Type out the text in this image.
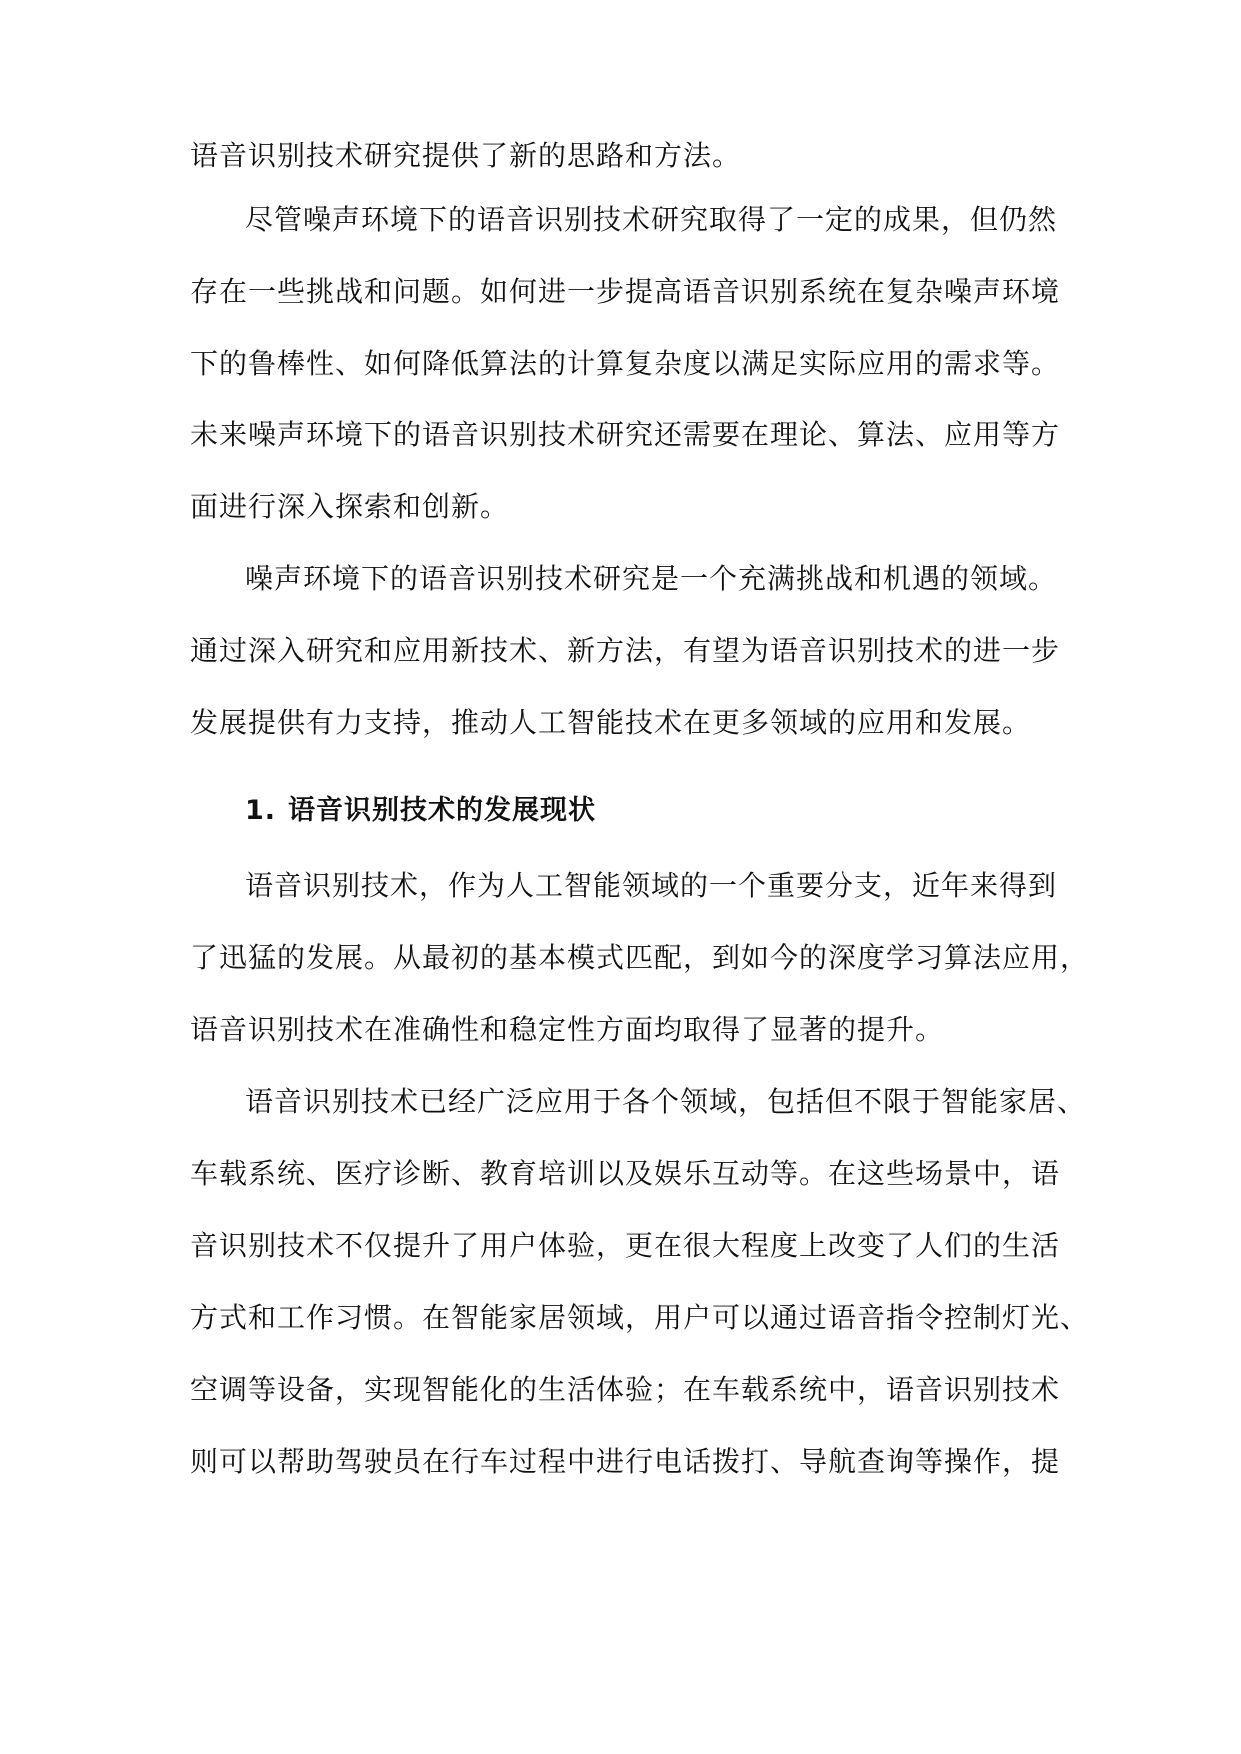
语音识别技术研究提供了新的思路和方法。
尽管噪声环境下的语音识别技术研究取得了一定的成果，但仍然
存在一些挑战和问题。如何进一步提高语音识别系统在复杂噪声环境
下的鲁棒性、如何降低算法的计算复杂度以满足实际应用的需求等。
未来噪声环境下的语音识别技术研究还需要在理论、算法、应用等方
面进行深入探索和创新。
噪声环境下的语音识别技术研究是一个充满挑战和机遇的领域。
通过深入研究和应用新技术、新方法，有望为语音识别技术的进一步
发展提供有力支持，推动人工智能技术在更多领域的应用和发展。
1. 语音识别技术的发展现状
语音识别技术，作为人工智能领域的一个重要分支，近年来得到
了迅猛的发展。从最初的基本模式匹配，到如今的深度学习算法应用，
语音识别技术在准确性和稳定性方面均取得了显著的提升。
语音识别技术已经广泛应用于各个领域，包括但不限于智能家居、
车载系统、医疗诊断、教育培训以及娱乐互动等。在这些场景中，语
音识别技术不仅提升了用户体验，更在很大程度上改变了人们的生活
方式和工作习惯。在智能家居领域，用户可以通过语音指令控制灯光、
空调等设备，实现智能化的生活体验；在车载系统中，语音识别技术
则可以帮助驾驶员在行车过程中进行电话拨打、导航查询等操作，提
